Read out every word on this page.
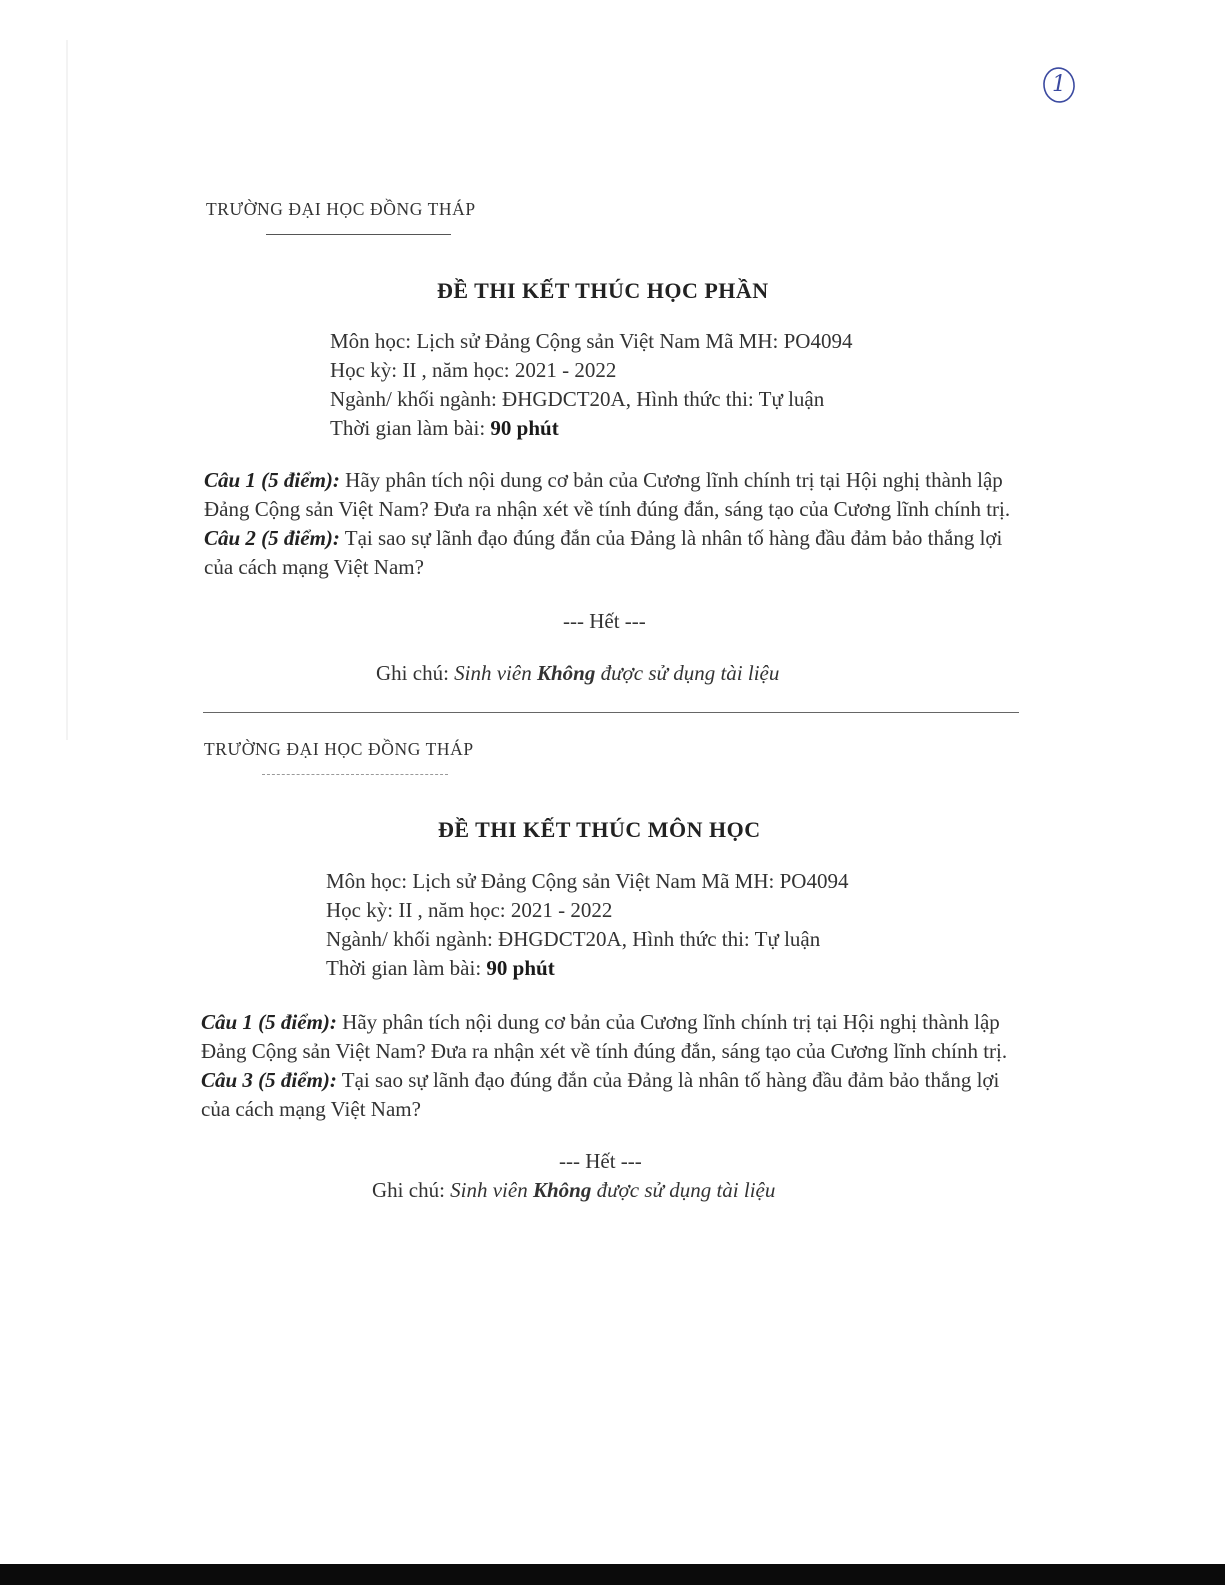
1
TRƯỜNG ĐẠI HỌC ĐỒNG THÁP
ĐỀ THI KẾT THÚC HỌC PHẦN
Môn học: Lịch sử Đảng Cộng sản Việt Nam Mã MH: PO4094
Học kỳ: II , năm học: 2021 - 2022
Ngành/ khối ngành: ĐHGDCT20A, Hình thức thi: Tự luận
Thời gian làm bài: 90 phút
Câu 1 (5 điểm): Hãy phân tích nội dung cơ bản của Cương lĩnh chính trị tại Hội nghị thành lập Đảng Cộng sản Việt Nam? Đưa ra nhận xét về tính đúng đắn, sáng tạo của Cương lĩnh chính trị.
Câu 2 (5 điểm): Tại sao sự lãnh đạo đúng đắn của Đảng là nhân tố hàng đầu đảm bảo thắng lợi của cách mạng Việt Nam?
--- Hết ---
Ghi chú: Sinh viên Không được sử dụng tài liệu
TRƯỜNG ĐẠI HỌC ĐỒNG THÁP
ĐỀ THI KẾT THÚC MÔN HỌC
Môn học: Lịch sử Đảng Cộng sản Việt Nam Mã MH: PO4094
Học kỳ: II , năm học: 2021 - 2022
Ngành/ khối ngành: ĐHGDCT20A, Hình thức thi: Tự luận
Thời gian làm bài: 90 phút
Câu 1 (5 điểm): Hãy phân tích nội dung cơ bản của Cương lĩnh chính trị tại Hội nghị thành lập Đảng Cộng sản Việt Nam? Đưa ra nhận xét về tính đúng đắn, sáng tạo của Cương lĩnh chính trị.
Câu 3 (5 điểm): Tại sao sự lãnh đạo đúng đắn của Đảng là nhân tố hàng đầu đảm bảo thắng lợi của cách mạng Việt Nam?
--- Hết ---
Ghi chú: Sinh viên Không được sử dụng tài liệu
